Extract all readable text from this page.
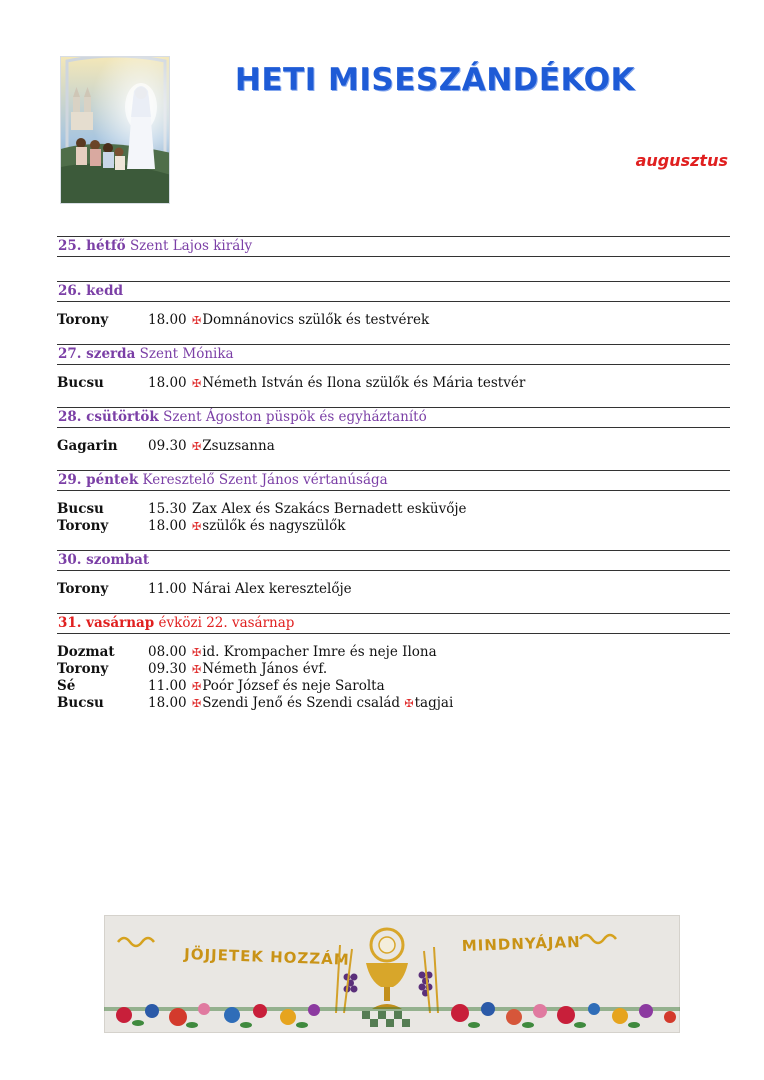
HETI MISESZÁNDÉKOK
augusztus
25. hétfő Szent Lajos király
26. kedd
Torony	18.00 ✠Domnánovics szülők és testvérek
27. szerda Szent Mónika
Bucsu	18.00 ✠Németh István és Ilona szülők és Mária testvér
28. csütörtök Szent Ágoston püspök és egyháztanító
Gagarin	09.30 ✠Zsuzsanna
29. péntek Keresztelő Szent János vértanúsága
Bucsu	15.30 Zax Alex és Szakács Bernadett esküvője
Torony	18.00 ✠szülők és nagyszülők
30. szombat
Torony	11.00 Nárai Alex keresztelője
31. vasárnap évközi 22. vasárnap
Dozmat	08.00 ✠id. Krompacher Imre és neje Ilona
Torony	09.30 ✠Németh János évf.
Sé	11.00 ✠Poór József és neje Sarolta
Bucsu	18.00 ✠Szendi Jenő és Szendi család ✠tagjai
JÖJJETEK HOZZÁM
MINDNYÁJAN
